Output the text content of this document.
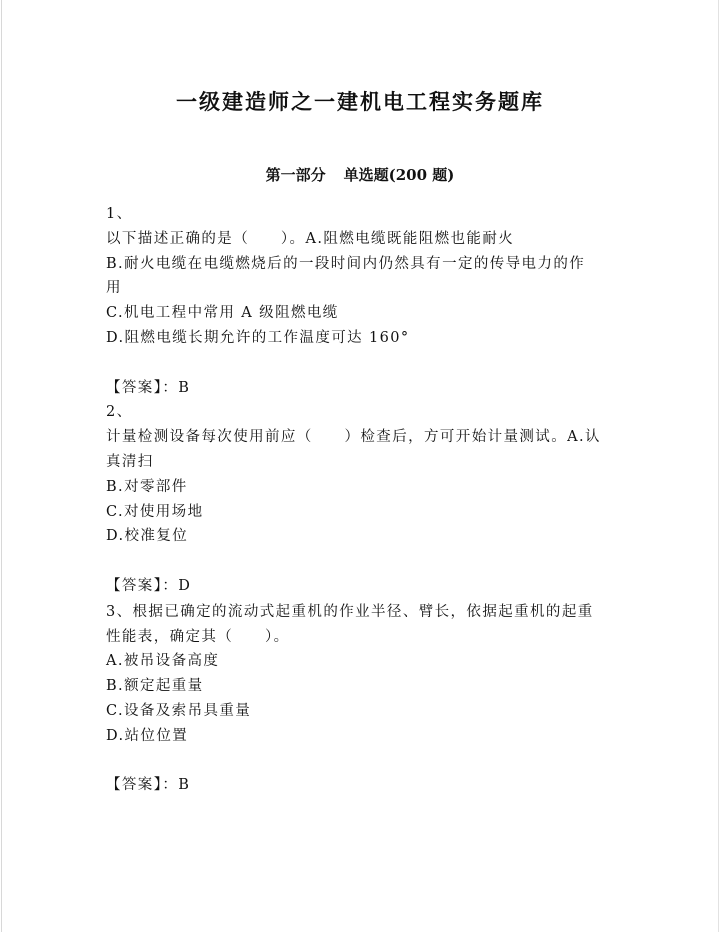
一级建造师之一建机电工程实务题库
第一部分 单选题(200 题)
1、
以下描述正确的是（　　）。A.阻燃电缆既能阻燃也能耐火
B.耐火电缆在电缆燃烧后的一段时间内仍然具有一定的传导电力的作
用
C.机电工程中常用 A 级阻燃电缆
D.阻燃电缆长期允许的工作温度可达 160°
【答案】：B
2、
计量检测设备每次使用前应（　　）检查后，方可开始计量测试。A.认
真清扫
B.对零部件
C.对使用场地
D.校准复位
【答案】：D
3、根据已确定的流动式起重机的作业半径、臂长，依据起重机的起重
性能表，确定其（　　）。
A.被吊设备高度
B.额定起重量
C.设备及索吊具重量
D.站位位置
【答案】：B
